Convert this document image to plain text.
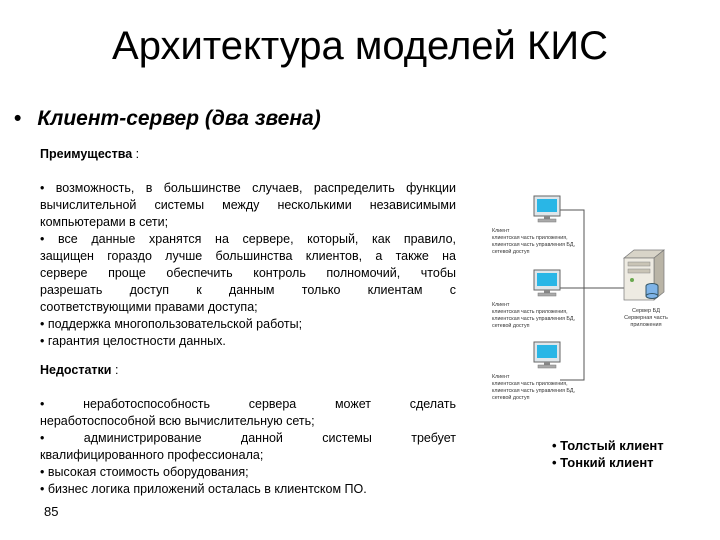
Архитектура моделей КИС
• Клиент-сервер (два звена)
Преимущества :
• возможность, в большинстве случаев, распределить функции
вычислительной системы между несколькими независимыми
компьютерами в сети;
• все данные хранятся на сервере, который, как правило,
защищен гораздо лучше большинства клиентов, а также на
сервере проще обеспечить контроль полномочий, чтобы
разрешать доступ к данным только клиентам с
соответствующими правами доступа;
• поддержка многопользовательской работы;
• гарантия целостности данных.
Недостатки :
• неработоспособность сервера может сделать
неработоспособной всю вычислительную сеть;
• администрирование данной системы требует
квалифицированного профессионала;
• высокая стоимость оборудования;
• бизнес логика приложений осталась в клиентском ПО.
Клиент
клиентская часть приложения,
клиентская часть управления БД,
сетевой доступ
Клиент
клиентская часть приложения,
клиентская часть управления БД,
сетевой доступ
Клиент
клиентская часть приложения,
клиентская часть управления БД,
сетевой доступ
Сервер БД
Серверная часть
приложения
• Толстый клиент
• Тонкий клиент
85
